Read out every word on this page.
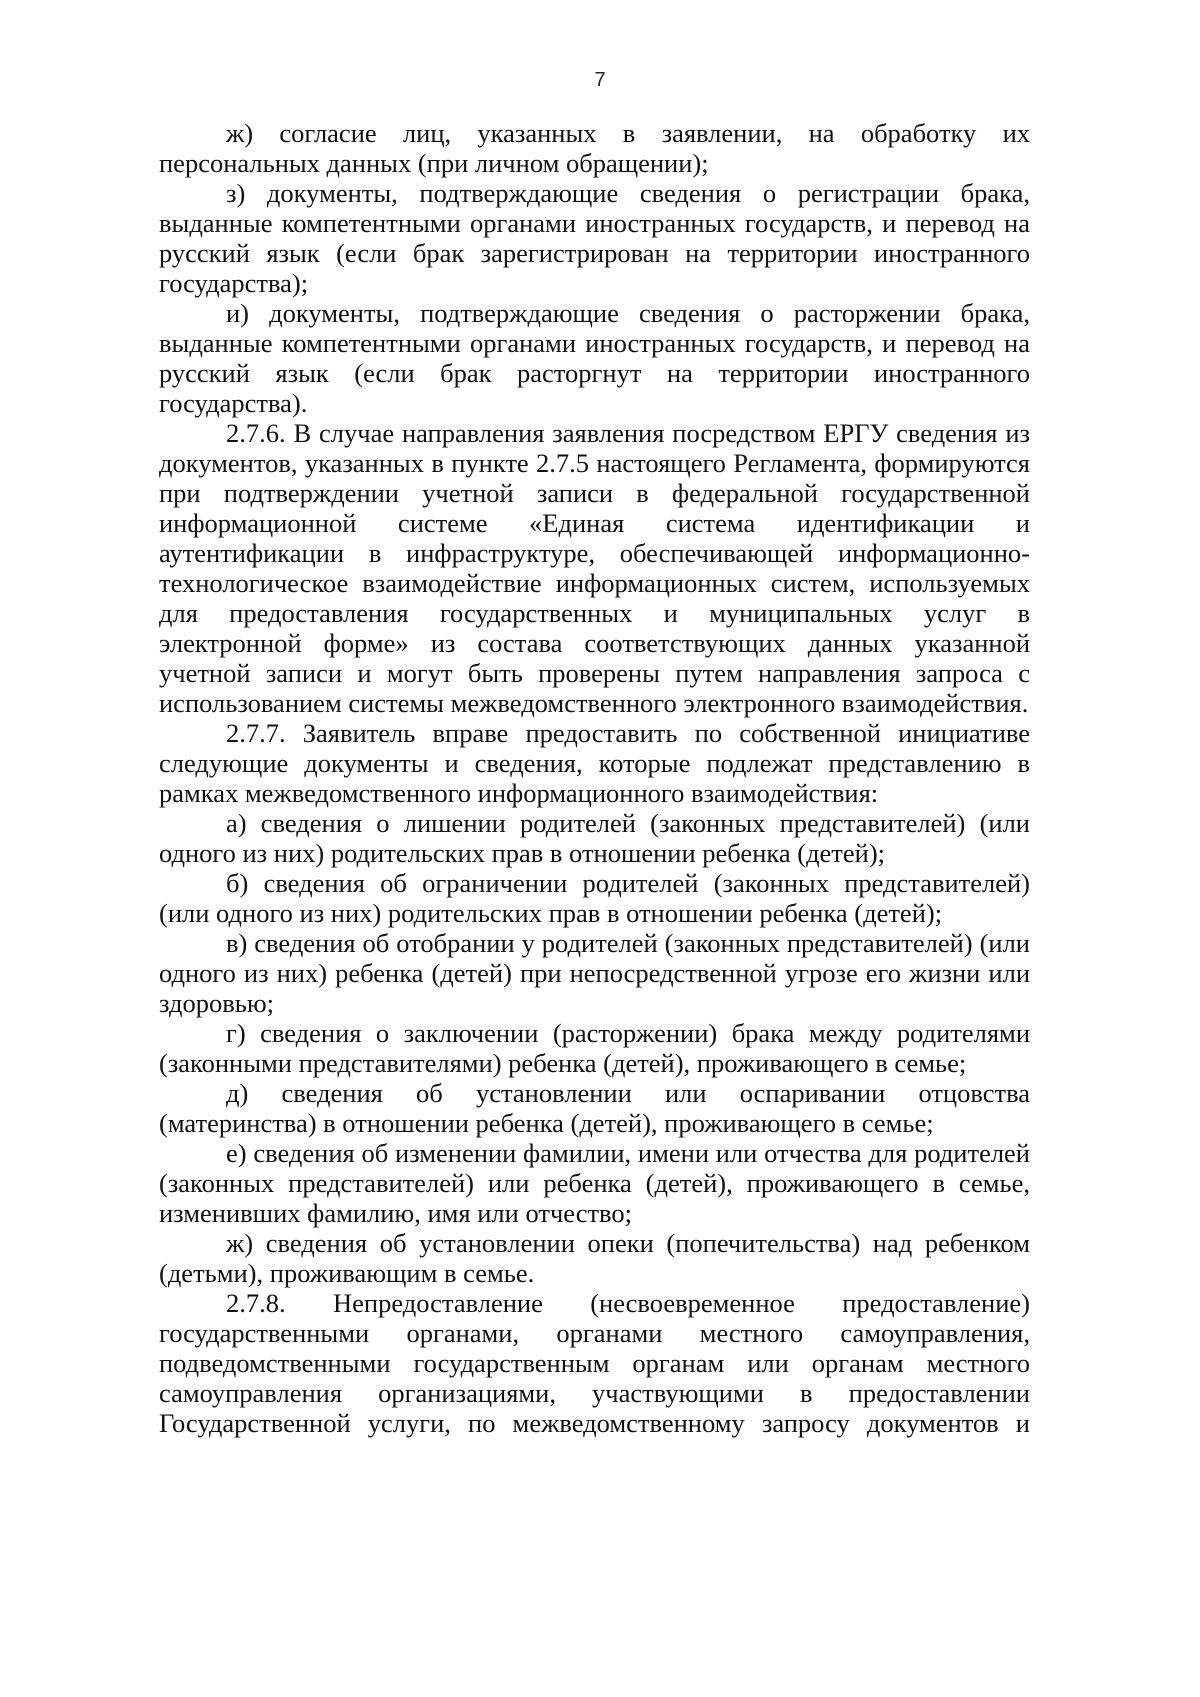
7

ж) согласие лиц, указанных в заявлении, на обработку их персональных данных (при личном обращении);

з) документы, подтверждающие сведения о регистрации брака, выданные компетентными органами иностранных государств, и перевод на русский язык (если брак зарегистрирован на территории иностранного государства);

и) документы, подтверждающие сведения о расторжении брака, выданные компетентными органами иностранных государств, и перевод на русский язык (если брак расторгнут на территории иностранного государства).

2.7.6. В случае направления заявления посредством ЕРГУ сведения из документов, указанных в пункте 2.7.5 настоящего Регламента, формируются при подтверждении учетной записи в федеральной государственной информационной системе «Единая система идентификации и аутентификации в инфраструктуре, обеспечивающей информационно-технологическое взаимодействие информационных систем, используемых для предоставления государственных и муниципальных услуг в электронной форме» из состава соответствующих данных указанной учетной записи и могут быть проверены путем направления запроса с использованием системы межведомственного электронного взаимодействия.

2.7.7. Заявитель вправе предоставить по собственной инициативе следующие документы и сведения, которые подлежат представлению в рамках межведомственного информационного взаимодействия:

а) сведения о лишении родителей (законных представителей) (или одного из них) родительских прав в отношении ребенка (детей);

б) сведения об ограничении родителей (законных представителей) (или одного из них) родительских прав в отношении ребенка (детей);

в) сведения об отобрании у родителей (законных представителей) (или одного из них) ребенка (детей) при непосредственной угрозе его жизни или здоровью;

г) сведения о заключении (расторжении) брака между родителями (законными представителями) ребенка (детей), проживающего в семье;

д) сведения об установлении или оспаривании отцовства (материнства) в отношении ребенка (детей), проживающего в семье;

е) сведения об изменении фамилии, имени или отчества для родителей (законных представителей) или ребенка (детей), проживающего в семье, изменивших фамилию, имя или отчество;

ж) сведения об установлении опеки (попечительства) над ребенком (детьми), проживающим в семье.

2.7.8. Непредоставление (несвоевременное предоставление) государственными органами, органами местного самоуправления, подведомственными государственным органам или органам местного самоуправления организациями, участвующими в предоставлении Государственной услуги, по межведомственному запросу документов и
